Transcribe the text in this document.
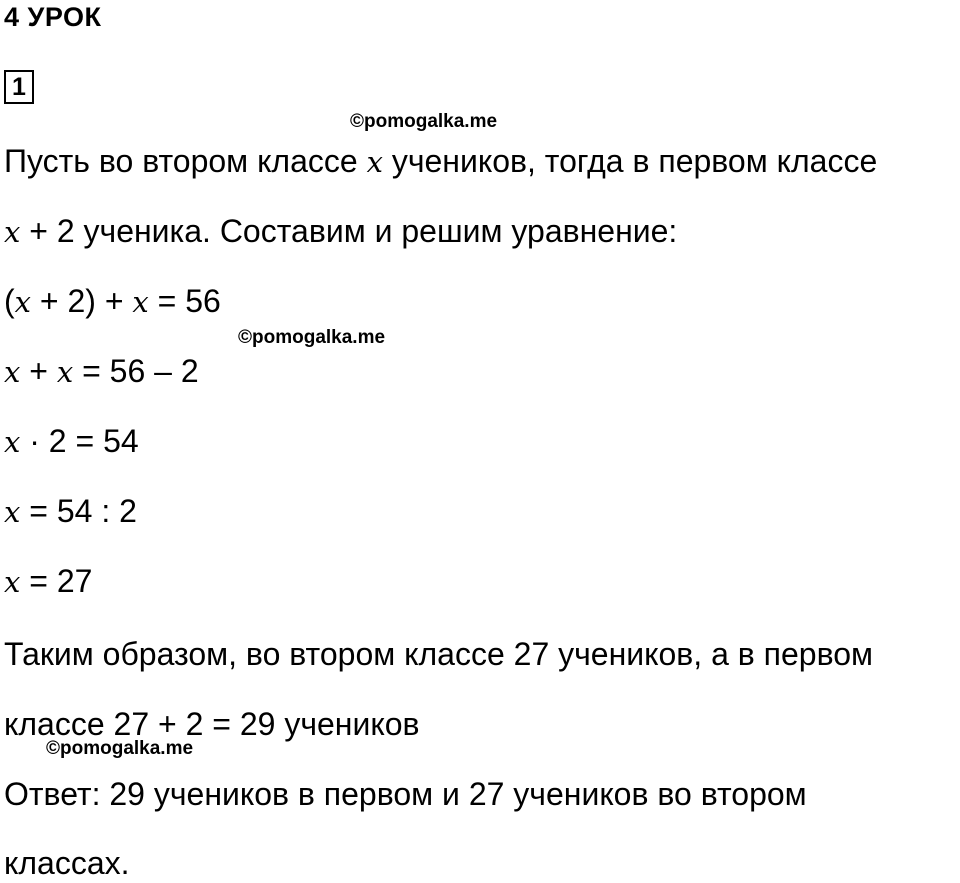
4 УРОК
1
©pomogalka.me
©pomogalka.me
©pomogalka.me
Пусть во втором классе x учеников, тогда в первом классе
x + 2 ученика. Составим и решим уравнение:
(x + 2) + x = 56
x + x = 56 – 2
x · 2 = 54
x = 54 : 2
x = 27
Таким образом, во втором классе 27 учеников, а в первом
классе 27 + 2 = 29 учеников
Ответ: 29 учеников в первом и 27 учеников во втором
классах.
